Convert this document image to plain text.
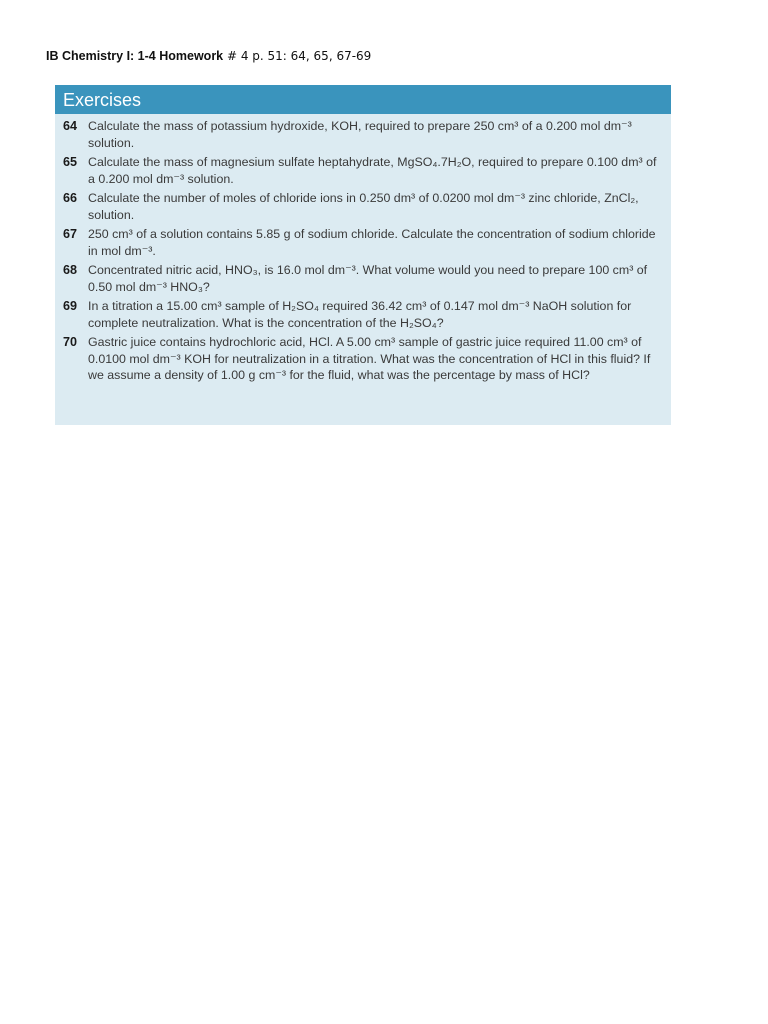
IB Chemistry I: 1-4 Homework # 4 p. 51: 64, 65, 67-69
Exercises
64 Calculate the mass of potassium hydroxide, KOH, required to prepare 250 cm³ of a 0.200 mol dm⁻³ solution.
65 Calculate the mass of magnesium sulfate heptahydrate, MgSO₄.7H₂O, required to prepare 0.100 dm³ of a 0.200 mol dm⁻³ solution.
66 Calculate the number of moles of chloride ions in 0.250 dm³ of 0.0200 mol dm⁻³ zinc chloride, ZnCl₂, solution.
67 250 cm³ of a solution contains 5.85 g of sodium chloride. Calculate the concentration of sodium chloride in mol dm⁻³.
68 Concentrated nitric acid, HNO₃, is 16.0 mol dm⁻³. What volume would you need to prepare 100 cm³ of 0.50 mol dm⁻³ HNO₃?
69 In a titration a 15.00 cm³ sample of H₂SO₄ required 36.42 cm³ of 0.147 mol dm⁻³ NaOH solution for complete neutralization. What is the concentration of the H₂SO₄?
70 Gastric juice contains hydrochloric acid, HCl. A 5.00 cm³ sample of gastric juice required 11.00 cm³ of 0.0100 mol dm⁻³ KOH for neutralization in a titration. What was the concentration of HCl in this fluid? If we assume a density of 1.00 g cm⁻³ for the fluid, what was the percentage by mass of HCl?
